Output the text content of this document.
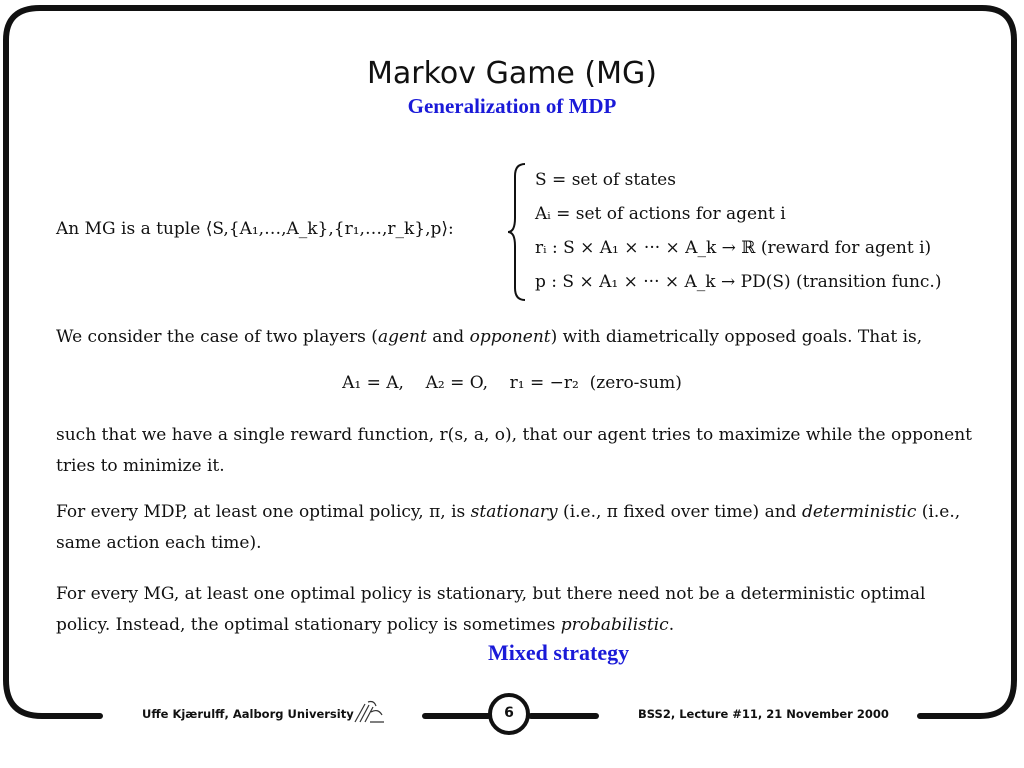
Markov Game (MG)
Generalization of MDP
An MG is a tuple ⟨S,{A₁,…,A_k},{r₁,…,r_k},p⟩:
S = set of states
Aᵢ = set of actions for agent i
rᵢ : S × A₁ × ··· × A_k → ℝ (reward for agent i)
p : S × A₁ × ··· × A_k → PD(S) (transition func.)
We consider the case of two players (agent and opponent) with diametrically opposed goals. That is,
A₁ = A,    A₂ = O,    r₁ = −r₂  (zero-sum)
such that we have a single reward function, r(s, a, o), that our agent tries to maximize while the opponent tries to minimize it.
For every MDP, at least one optimal policy, π, is stationary (i.e., π fixed over time) and deterministic (i.e., same action each time).
For every MG, at least one optimal policy is stationary, but there need not be a deterministic optimal policy. Instead, the optimal stationary policy is sometimes probabilistic.
Mixed strategy
Uffe Kjærulff, Aalborg University	6	BSS2, Lecture #11, 21 November 2000
